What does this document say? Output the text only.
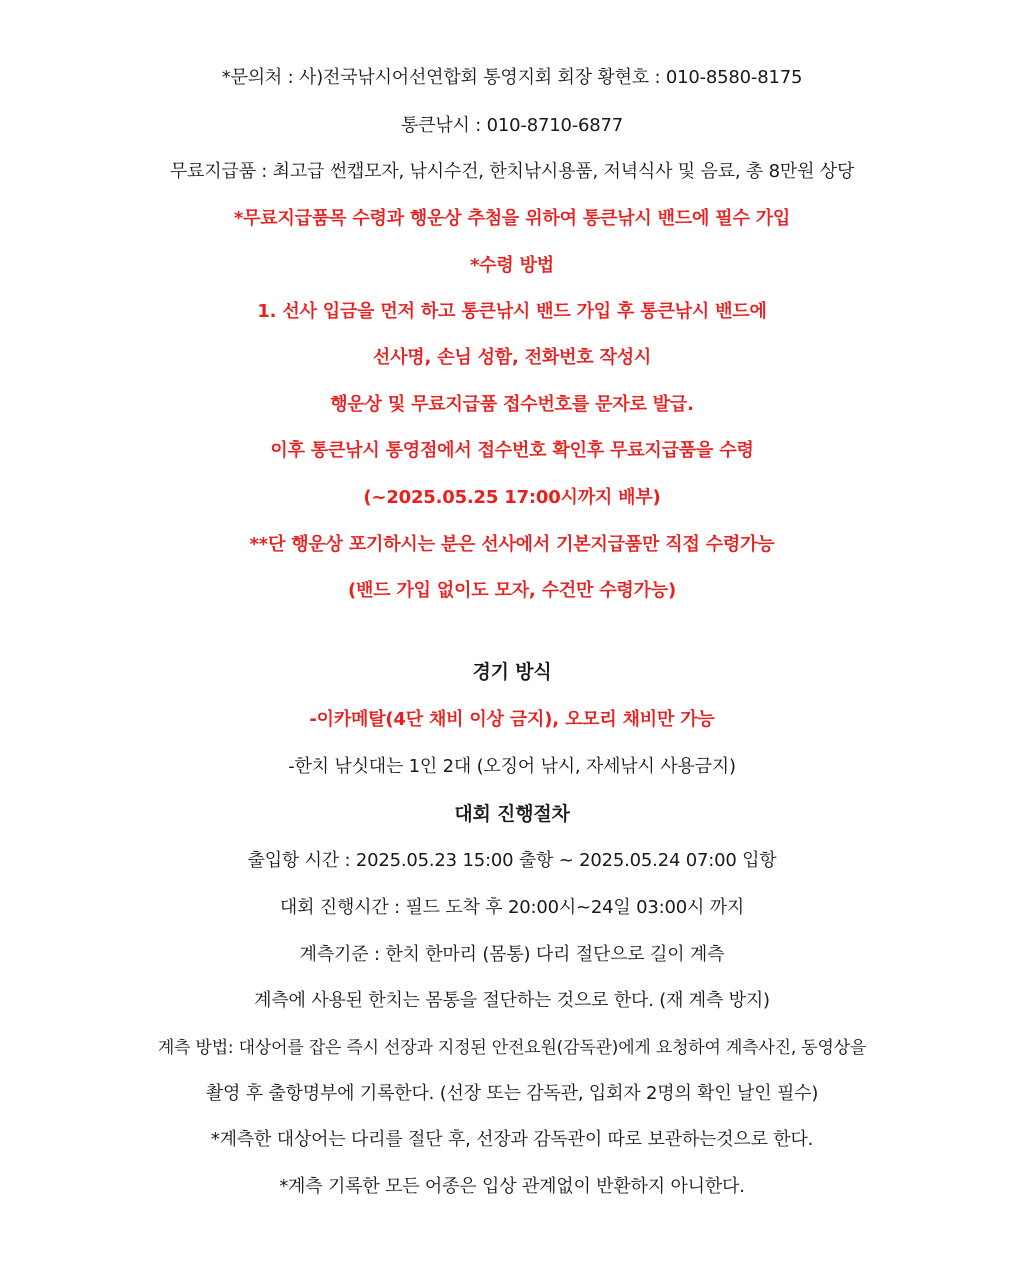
*문의처 : 사)전국낚시어선연합회 통영지회 회장 황현호 : 010-8580-8175
통큰낚시 : 010-8710-6877
무료지급품 : 최고급 썬캡모자, 낚시수건, 한치낚시용품, 저녁식사 및 음료, 총 8만원 상당
*무료지급품목 수령과 행운상 추첨을 위하여 통큰낚시 밴드에 필수 가입
*수령 방법
1. 선사 입금을 먼저 하고 통큰낚시 밴드 가입 후 통큰낚시 밴드에
선사명, 손님 성함, 전화번호 작성시
행운상 및 무료지급품 접수번호를 문자로 발급.
이후 통큰낚시 통영점에서 접수번호 확인후 무료지급품을 수령
(~2025.05.25 17:00시까지 배부)
**단 행운상 포기하시는 분은 선사에서 기본지급품만 직접 수령가능
(밴드 가입 없이도 모자, 수건만 수령가능)
경기 방식
-이카메탈(4단 채비 이상 금지), 오모리 채비만 가능
-한치 낚싯대는 1인 2대 (오징어 낚시, 자세낚시 사용금지)
대회 진행절차
출입항 시간 : 2025.05.23 15:00 출항 ~ 2025.05.24 07:00 입항
대회 진행시간 : 필드 도착 후 20:00시~24일 03:00시 까지
계측기준 : 한치 한마리 (몸통) 다리 절단으로 길이 계측
계측에 사용된 한치는 몸통을 절단하는 것으로 한다. (재 계측 방지)
계측 방법: 대상어를 잡은 즉시 선장과 지정된 안전요원(감독관)에게 요청하여 계측사진, 동영상을
촬영 후 출항명부에 기록한다. (선장 또는 감독관, 입회자 2명의 확인 날인 필수)
*계측한 대상어는 다리를 절단 후, 선장과 감독관이 따로 보관하는것으로 한다.
*계측 기록한 모든 어종은 입상 관계없이 반환하지 아니한다.
